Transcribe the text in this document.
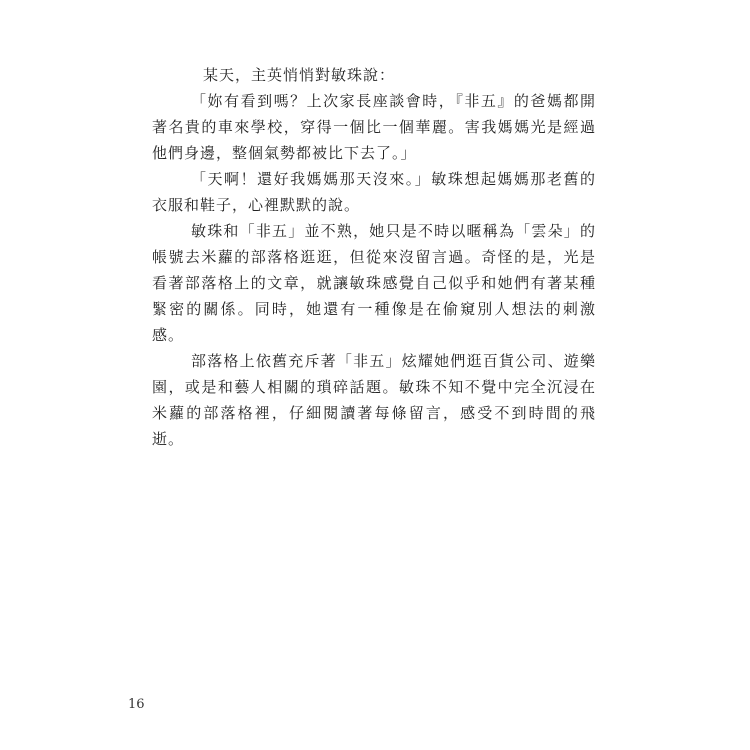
某天，主英悄悄對敏珠說：

「妳有看到嗎？上次家長座談會時，『非五』的爸媽都開著名貴的車來學校，穿得一個比一個華麗。害我媽媽光是經過他們身邊，整個氣勢都被比下去了。」

「天啊！還好我媽媽那天沒來。」敏珠想起媽媽那老舊的衣服和鞋子，心裡默默的說。

敏珠和「非五」並不熟，她只是不時以暱稱為「雲朵」的帳號去米蘿的部落格逛逛，但從來沒留言過。奇怪的是，光是看著部落格上的文章，就讓敏珠感覺自己似乎和她們有著某種緊密的關係。同時，她還有一種像是在偷窺別人想法的刺激感。

部落格上依舊充斥著「非五」炫耀她們逛百貨公司、遊樂園，或是和藝人相關的瑣碎話題。敏珠不知不覺中完全沉浸在米蘿的部落格裡，仔細閱讀著每條留言，感受不到時間的飛逝。

16
